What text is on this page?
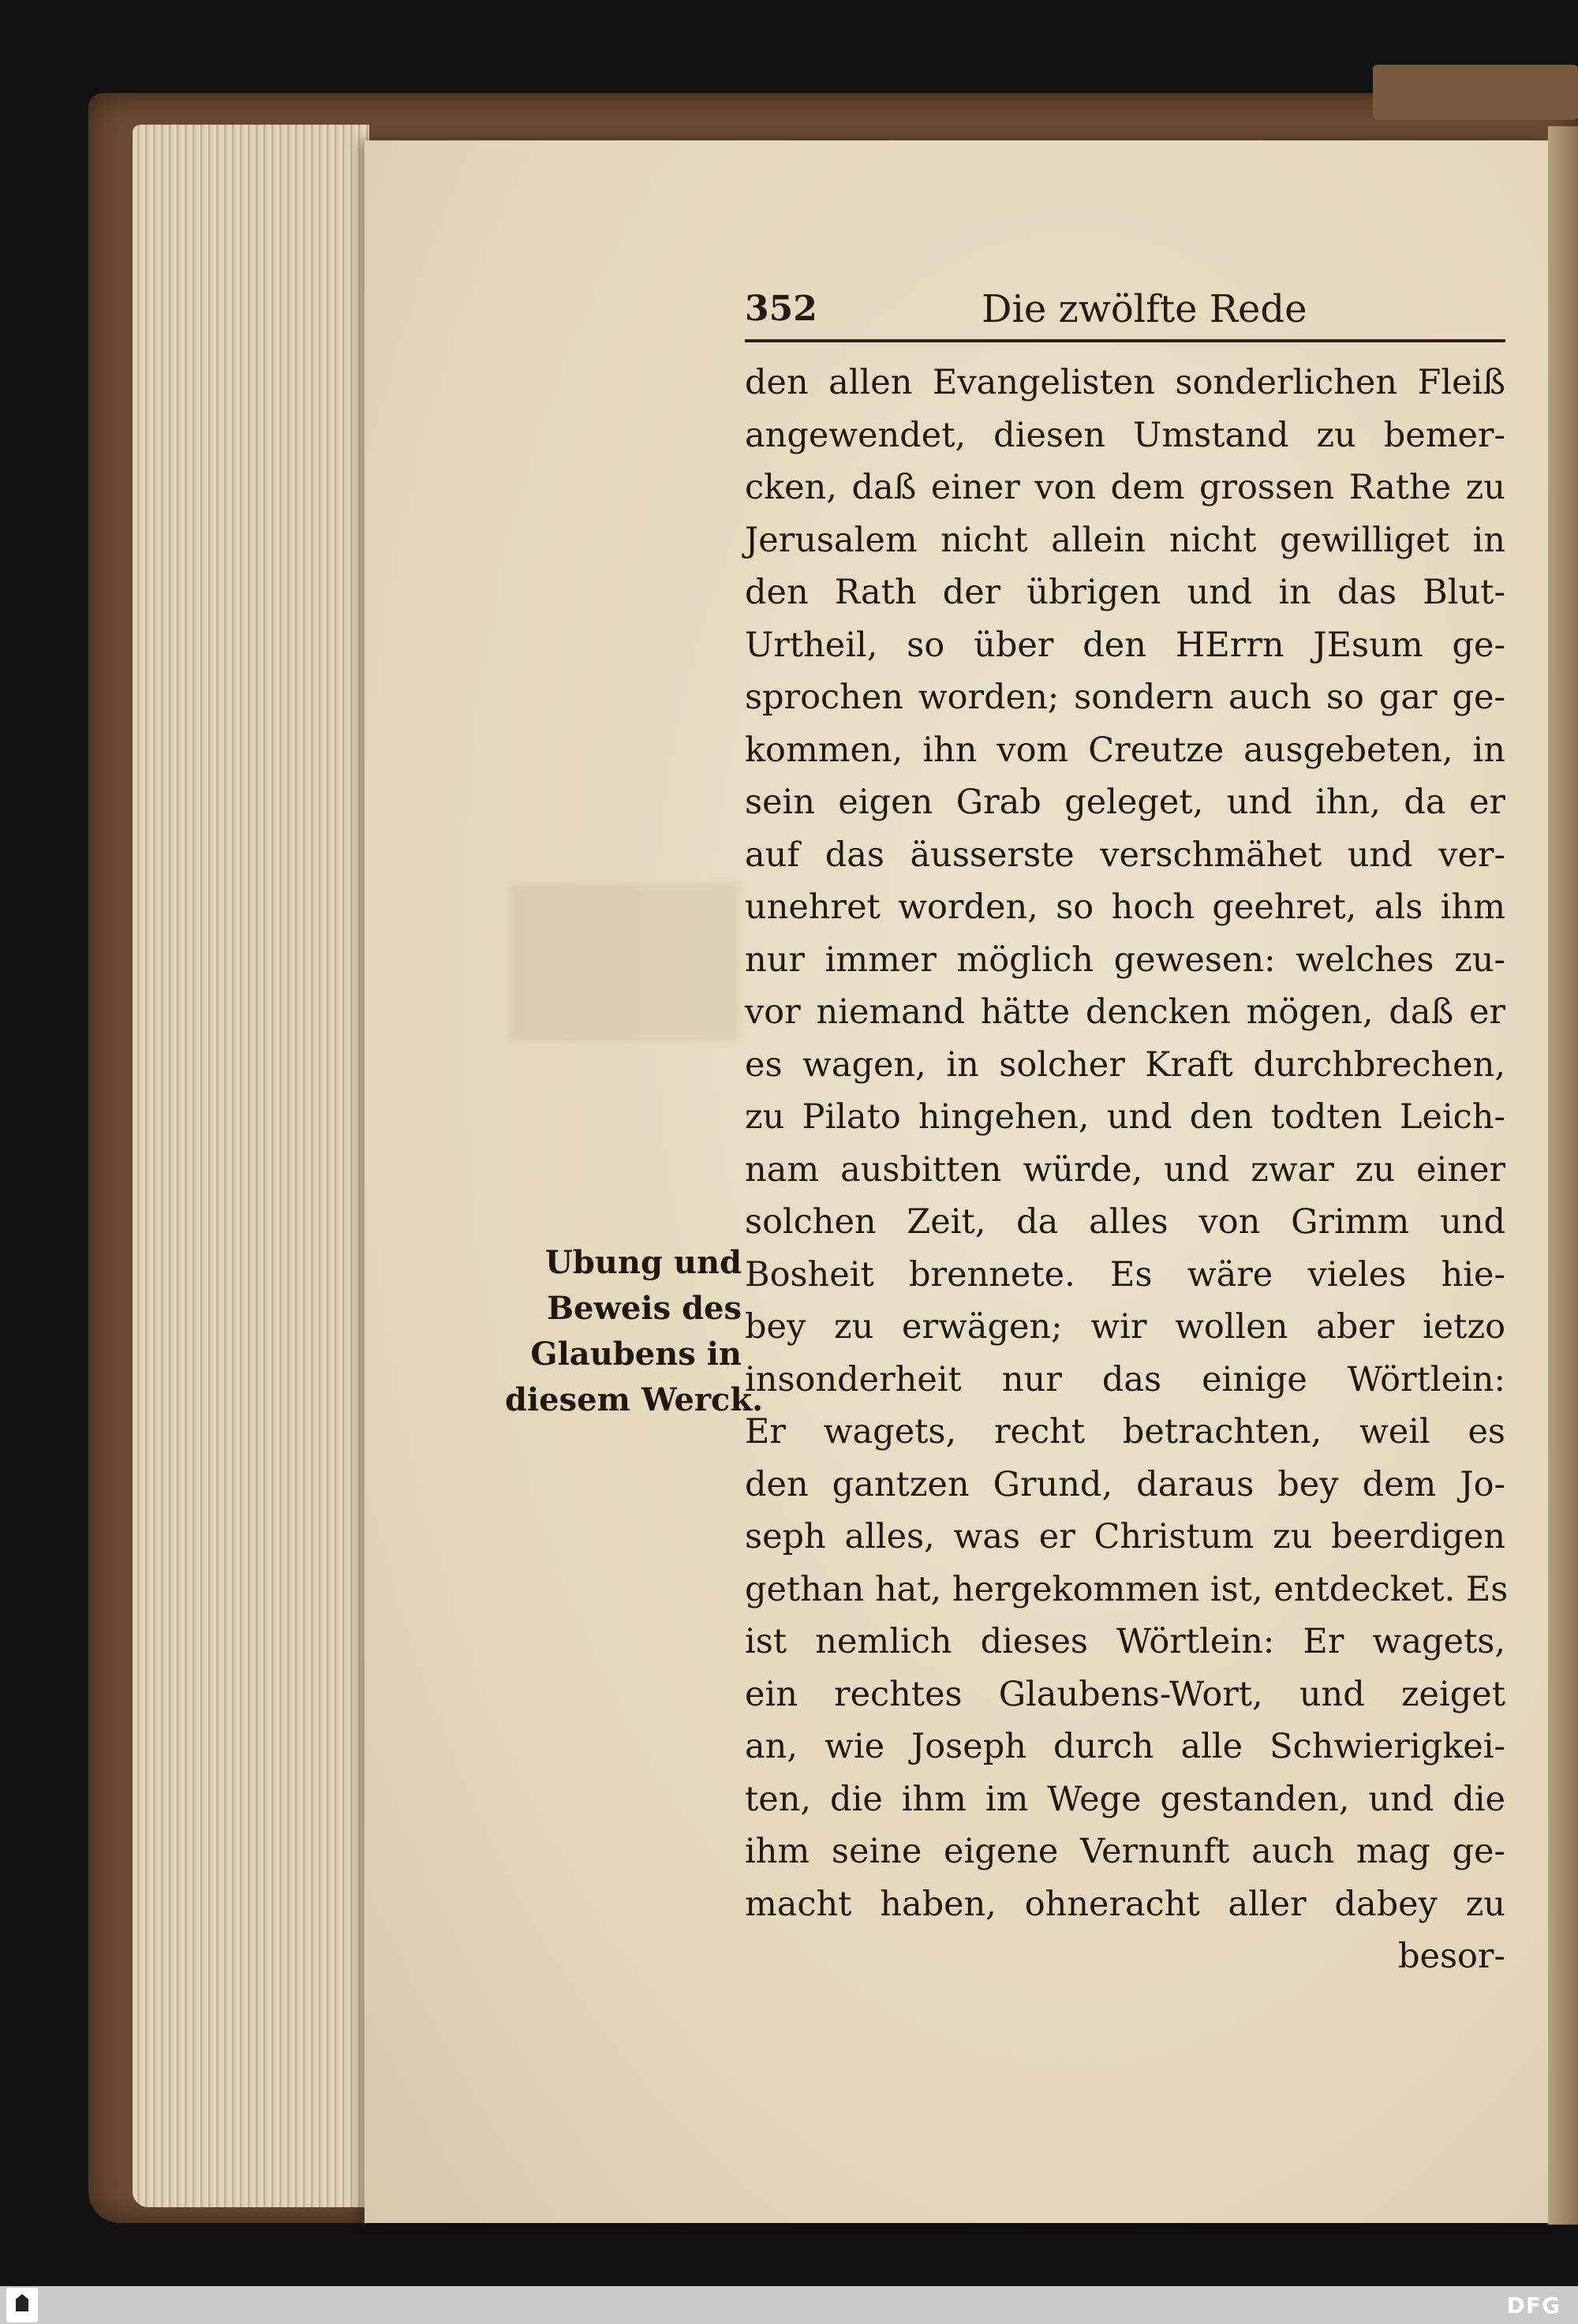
352	Die zwölfte Rede
den allen Evangelisten sonderlichen Fleiß
angewendet, diesen Umstand zu bemer-
cken, daß einer von dem grossen Rathe zu
Jerusalem nicht allein nicht gewilliget in
den Rath der übrigen und in das Blut-
Urtheil, so über den HErrn JEsum ge-
sprochen worden; sondern auch so gar ge-
kommen, ihn vom Creutze ausgebeten, in
sein eigen Grab geleget, und ihn, da er
auf das äusserste verschmähet und ver-
unehret worden, so hoch geehret, als ihm
nur immer möglich gewesen: welches zu-
vor niemand hätte dencken mögen, daß er
es wagen, in solcher Kraft durchbrechen,
zu Pilato hingehen, und den todten Leich-
nam ausbitten würde, und zwar zu einer
solchen Zeit, da alles von Grimm und
Bosheit brennete. Es wäre vieles hie-
bey zu erwägen; wir wollen aber ietzo
insonderheit nur das einige Wörtlein:
Er wagets, recht betrachten, weil es
den gantzen Grund, daraus bey dem Jo-
seph alles, was er Christum zu beerdigen
gethan hat, hergekommen ist, entdecket. Es
ist nemlich dieses Wörtlein: Er wagets,
ein rechtes Glaubens-Wort, und zeiget
an, wie Joseph durch alle Schwierigkei-
ten, die ihm im Wege gestanden, und die
ihm seine eigene Vernunft auch mag ge-
macht haben, ohneracht aller dabey zu
besor-
Ubung und
Beweis des
Glaubens in
diesem Werck.
DFG
